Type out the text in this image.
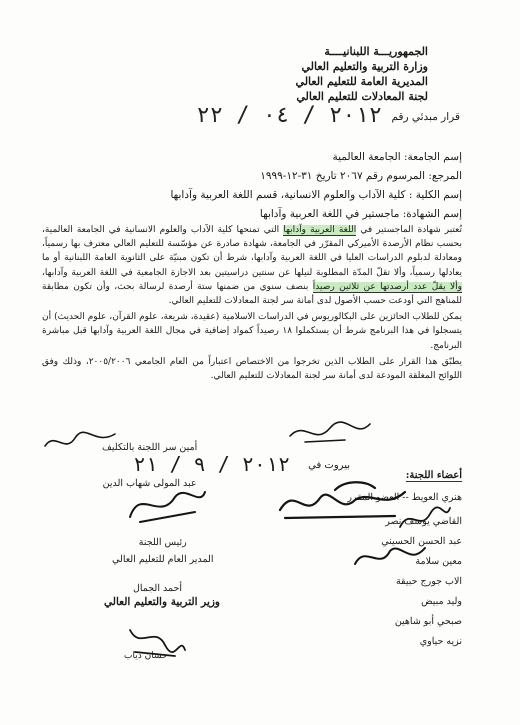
الجمهوريـــة اللبنانيــــة
وزارة التربية والتعليم العالي
المديرية العامة للتعليم العالي
لجنة المعادلات للتعليم العالي
قرار مبدئي رقم
٢٠١٢ / ٠٤ / ٢٢
إسم الجامعة: الجامعة العالمية
المرجع: المرسوم رقم ٢٠٦٧ تاريخ ٣١-١٢-١٩٩٩
إسم الكلية : كلية الآداب والعلوم الانسانية، قسم اللغة العربية وآدابها
إسم الشهادة: ماجستير في اللغة العربية وآدابها

تُعتبر شهادة الماجستير في اللغة العربية وآدابها التي تمنحها كلية الآداب والعلوم الانسانية في الجامعة العالمية، بحسب نظام الأرصدة الأميركي المقرّر في الجامعة، شهادة صادرة عن مؤسّسة للتعليم العالي معترف بها رسمياً، ومعادلة لدبلوم الدراسات العليا في اللغة العربية وآدابها، شرط أن تكون مبنيّة على الثانوية العامة اللبنانية أو ما يعادلها رسمياً، وألا تقلّ المدّة المطلوبة لنيلها عن سنتين دراسيتين بعد الاجازة الجامعية في اللغة العربية وآدابها، وألا يقلّ عدد أرصدتها عن ثلاثين رصيداً بنصف سنوي من ضمنها ستة أرصدة لرسالة بحث، وأن تكون مطابقة للمناهج التي أودعت حسب الأصول لدى أمانة سر لجنة المعادلات للتعليم العالي.

يمكن للطلاب الحائزين على البكالوريوس في الدراسات الاسلامية (عقيدة، شريعة، علوم القرآن، علوم الحديث) أن يتسجلوا في هذا البرنامج شرط أن يستكملوا ١٨ رصيداً كمواد إضافية في مجال اللغة العربية وآدابها قبل مباشرة البرنامج.

يطبّق هذا القرار على الطلاب الذين تخرجوا من الاختصاص اعتباراً من العام الجامعي ٢٠٠٥/٢٠٠٦، وذلك وفق اللوائح المغلقة المودعة لدى أمانة سر لجنة المعادلات للتعليم العالي.

بيروت في
٢٠١٢ / ٩ / ٢١	أعضاء اللجنة:
هنري العويط -- العضو المقرر
القاضي يوسف نصر
عبد الحسن الحسيني
معين سلامة
الاب جورج حبيقة
وليد مبيض
صبحي أبو شاهين
نزيه حياوي
أمين سر اللجنة بالتكليف
عبد المولى شهاب الدين
رئيس اللجنة
المدير العام للتعليم العالي
أحمد الجمال
وزير التربية والتعليم العالي
حسان دياب
